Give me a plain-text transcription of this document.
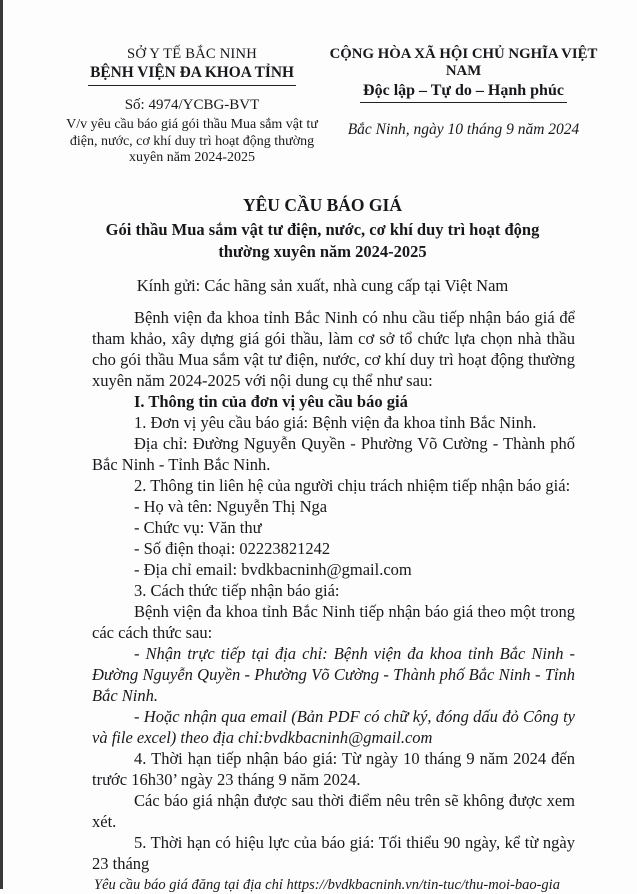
SỞ Y TẾ BẮC NINH
BỆNH VIỆN ĐA KHOA TỈNH
Số: 4974/YCBG-BVT
V/v yêu cầu báo giá gói thầu Mua sắm vật tư điện, nước, cơ khí duy trì hoạt động thường xuyên năm 2024-2025
CỘNG HÒA XÃ HỘI CHỦ NGHĨA VIỆT NAM
Độc lập – Tự do – Hạnh phúc
Bắc Ninh, ngày 10 tháng 9 năm 2024
YÊU CẦU BÁO GIÁ
Gói thầu Mua sắm vật tư điện, nước, cơ khí duy trì hoạt động thường xuyên năm 2024-2025
Kính gửi: Các hãng sản xuất, nhà cung cấp tại Việt Nam

Bệnh viện đa khoa tỉnh Bắc Ninh có nhu cầu tiếp nhận báo giá để tham khảo, xây dựng giá gói thầu, làm cơ sở tổ chức lựa chọn nhà thầu cho gói thầu Mua sắm vật tư điện, nước, cơ khí duy trì hoạt động thường xuyên năm 2024-2025 với nội dung cụ thể như sau:

I. Thông tin của đơn vị yêu cầu báo giá

1. Đơn vị yêu cầu báo giá: Bệnh viện đa khoa tỉnh Bắc Ninh.

Địa chỉ: Đường Nguyễn Quyền - Phường Võ Cường - Thành phố Bắc Ninh - Tỉnh Bắc Ninh.

2. Thông tin liên hệ của người chịu trách nhiệm tiếp nhận báo giá:

- Họ và tên: Nguyễn Thị Nga

- Chức vụ: Văn thư

- Số điện thoại: 02223821242

- Địa chỉ email: bvdkbacninh@gmail.com

3. Cách thức tiếp nhận báo giá:

Bệnh viện đa khoa tỉnh Bắc Ninh tiếp nhận báo giá theo một trong các cách thức sau:

- Nhận trực tiếp tại địa chỉ: Bệnh viện đa khoa tỉnh Bắc Ninh - Đường Nguyễn Quyền - Phường Võ Cường - Thành phố Bắc Ninh - Tỉnh Bắc Ninh.

- Hoặc nhận qua email (Bản PDF có chữ ký, đóng dấu đỏ Công ty và file excel) theo địa chỉ:bvdkbacninh@gmail.com

4. Thời hạn tiếp nhận báo giá: Từ ngày 10 tháng 9 năm 2024 đến trước 16h30’ ngày 23 tháng 9 năm 2024.

Các báo giá nhận được sau thời điểm nêu trên sẽ không được xem xét.

5. Thời hạn có hiệu lực của báo giá: Tối thiểu 90 ngày, kể từ ngày 23 tháng

Yêu cầu báo giá đăng tại địa chỉ https://bvdkbacninh.vn/tin-tuc/thu-moi-bao-gia
